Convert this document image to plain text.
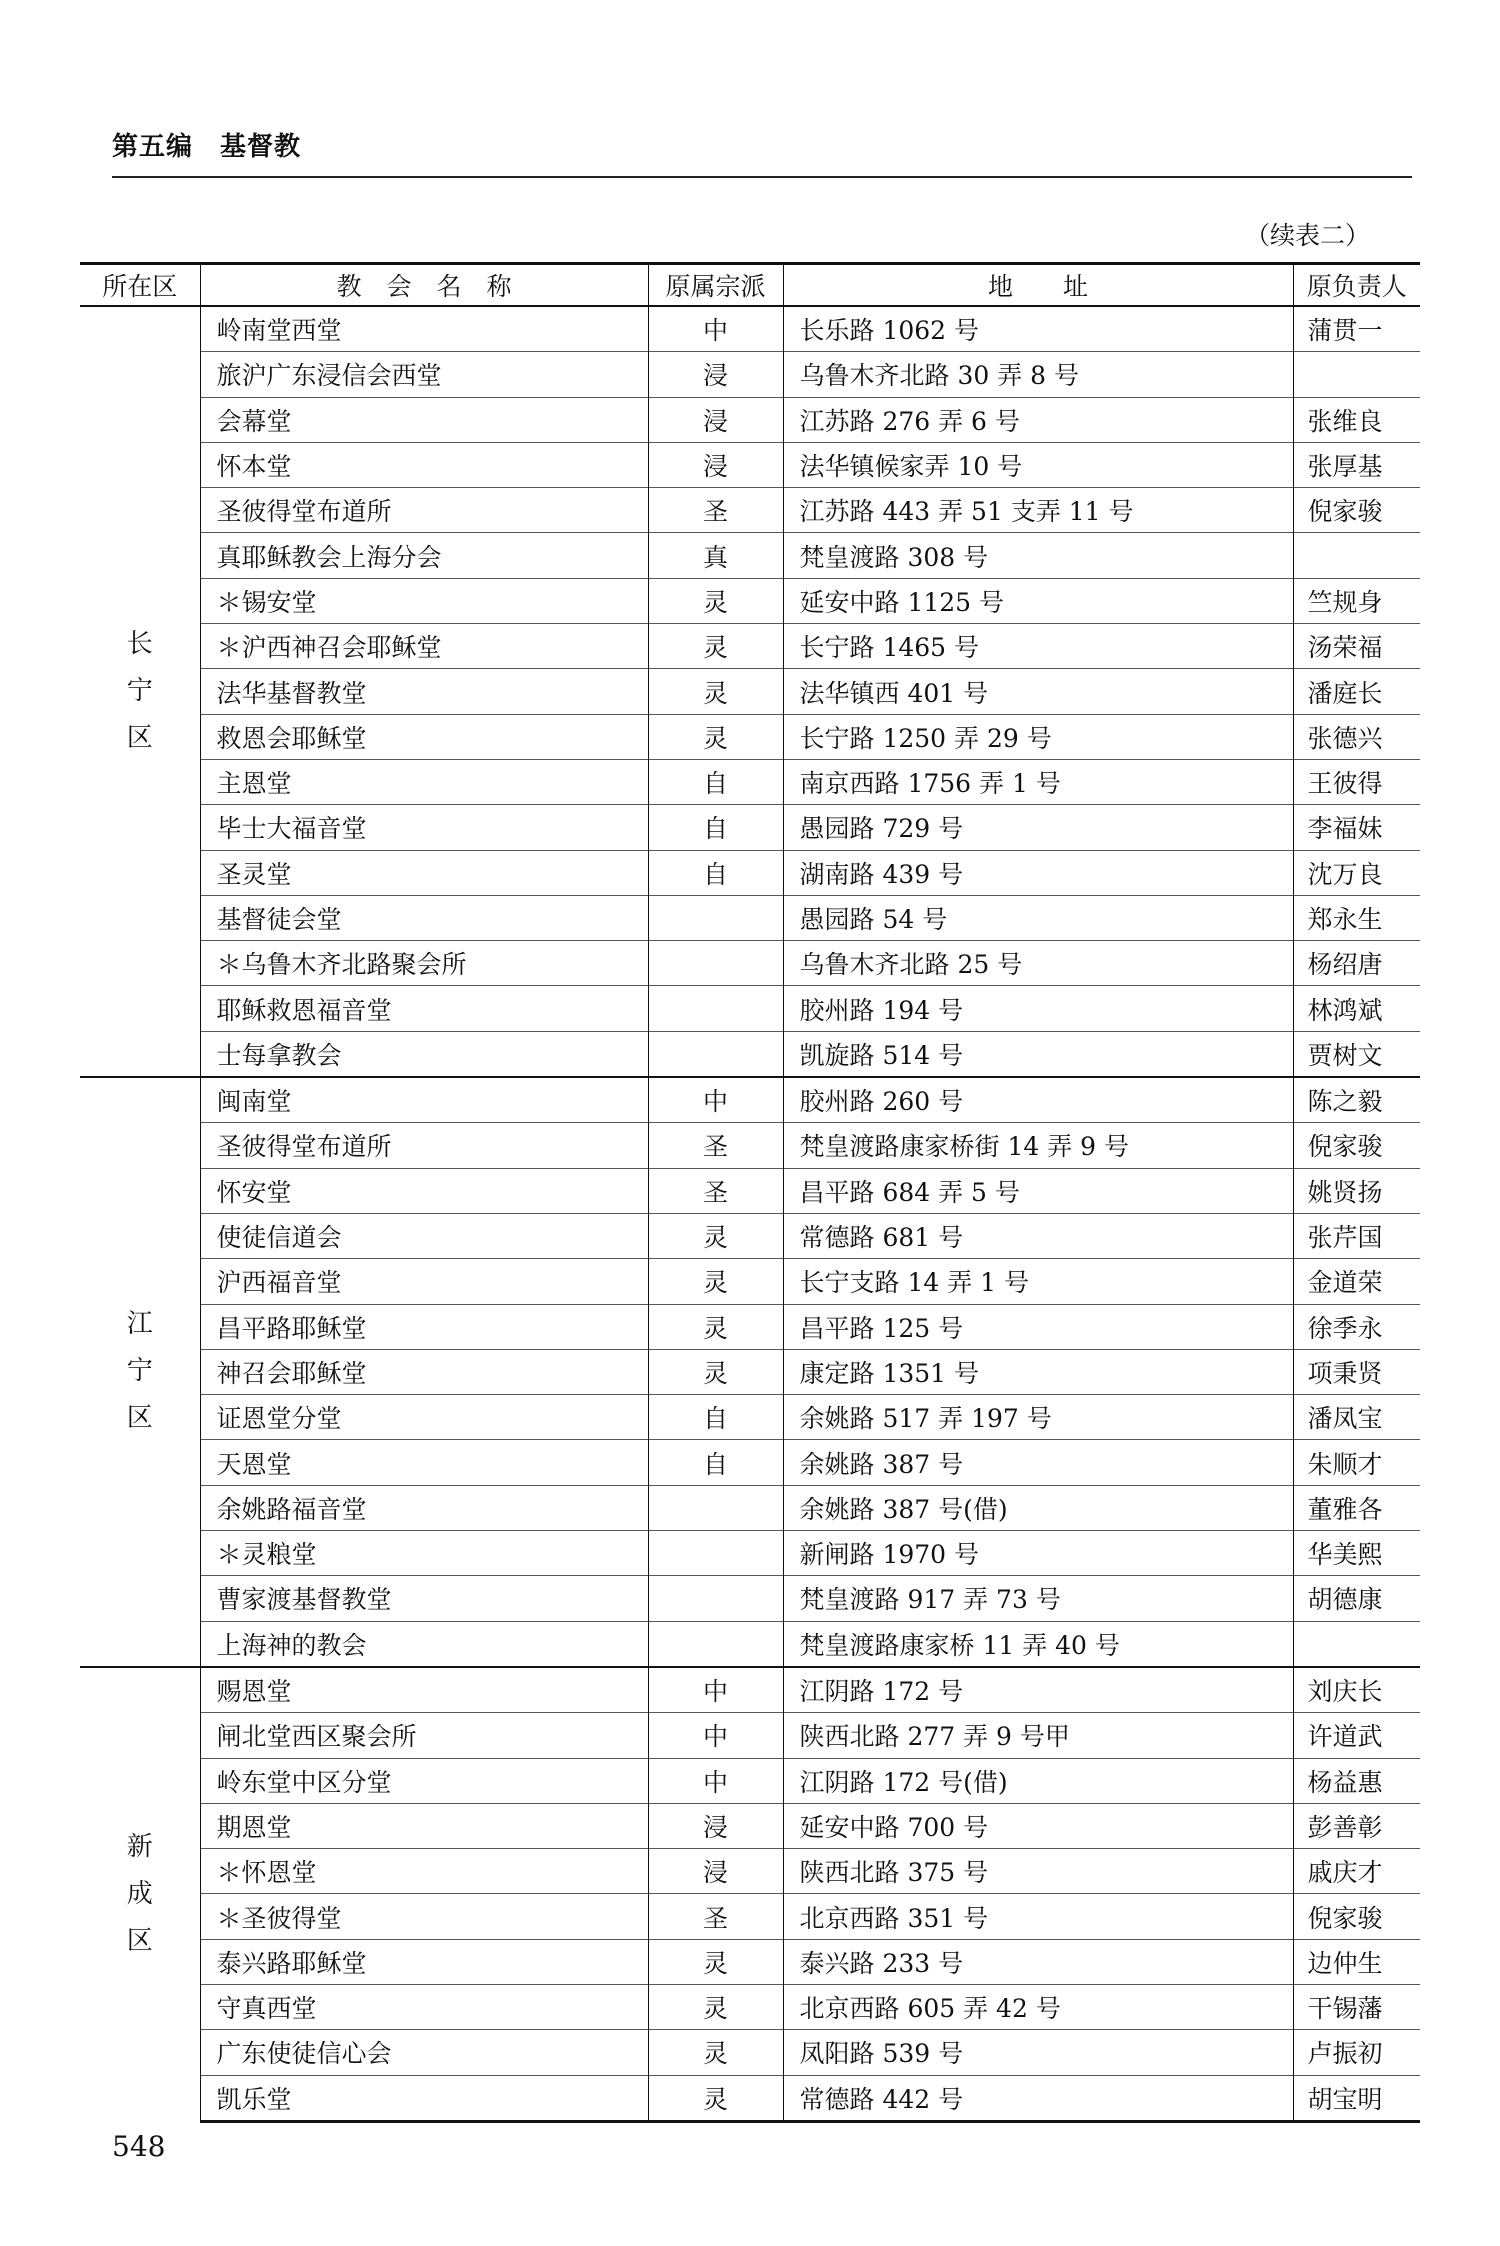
第五编　基督教
（续表二）
所在区	教　会　名　称	原属宗派	地　　址	原负责人

长
宁
区	岭南堂西堂	中	长乐路 1062 号	蒲贯一
	旅沪广东浸信会西堂	浸	乌鲁木齐北路 30 弄 8 号	
	会幕堂	浸	江苏路 276 弄 6 号	张维良
	怀本堂	浸	法华镇候家弄 10 号	张厚基
	圣彼得堂布道所	圣	江苏路 443 弄 51 支弄 11 号	倪家骏
	真耶稣教会上海分会	真	梵皇渡路 308 号	
	＊锡安堂	灵	延安中路 1125 号	竺规身
	＊沪西神召会耶稣堂	灵	长宁路 1465 号	汤荣福
	法华基督教堂	灵	法华镇西 401 号	潘庭长
	救恩会耶稣堂	灵	长宁路 1250 弄 29 号	张德兴
	主恩堂	自	南京西路 1756 弄 1 号	王彼得
	毕士大福音堂	自	愚园路 729 号	李福妹
	圣灵堂	自	湖南路 439 号	沈万良
	基督徒会堂		愚园路 54 号	郑永生
	＊乌鲁木齐北路聚会所		乌鲁木齐北路 25 号	杨绍唐
	耶稣救恩福音堂		胶州路 194 号	林鸿斌
	士每拿教会		凯旋路 514 号	贾树文

江
宁
区	闽南堂	中	胶州路 260 号	陈之毅
	圣彼得堂布道所	圣	梵皇渡路康家桥街 14 弄 9 号	倪家骏
	怀安堂	圣	昌平路 684 弄 5 号	姚贤扬
	使徒信道会	灵	常德路 681 号	张芹国
	沪西福音堂	灵	长宁支路 14 弄 1 号	金道荣
	昌平路耶稣堂	灵	昌平路 125 号	徐季永
	神召会耶稣堂	灵	康定路 1351 号	项秉贤
	证恩堂分堂	自	余姚路 517 弄 197 号	潘凤宝
	天恩堂	自	余姚路 387 号	朱顺才
	余姚路福音堂		余姚路 387 号(借)	董雅各
	＊灵粮堂		新闸路 1970 号	华美熙
	曹家渡基督教堂		梵皇渡路 917 弄 73 号	胡德康
	上海神的教会		梵皇渡路康家桥 11 弄 40 号	

新
成
区	赐恩堂	中	江阴路 172 号	刘庆长
	闸北堂西区聚会所	中	陕西北路 277 弄 9 号甲	许道武
	岭东堂中区分堂	中	江阴路 172 号(借)	杨益惠
	期恩堂	浸	延安中路 700 号	彭善彰
	＊怀恩堂	浸	陕西北路 375 号	戚庆才
	＊圣彼得堂	圣	北京西路 351 号	倪家骏
	泰兴路耶稣堂	灵	泰兴路 233 号	边仲生
	守真西堂	灵	北京西路 605 弄 42 号	干锡藩
	广东使徒信心会	灵	凤阳路 539 号	卢振初
	凯乐堂	灵	常德路 442 号	胡宝明
548
